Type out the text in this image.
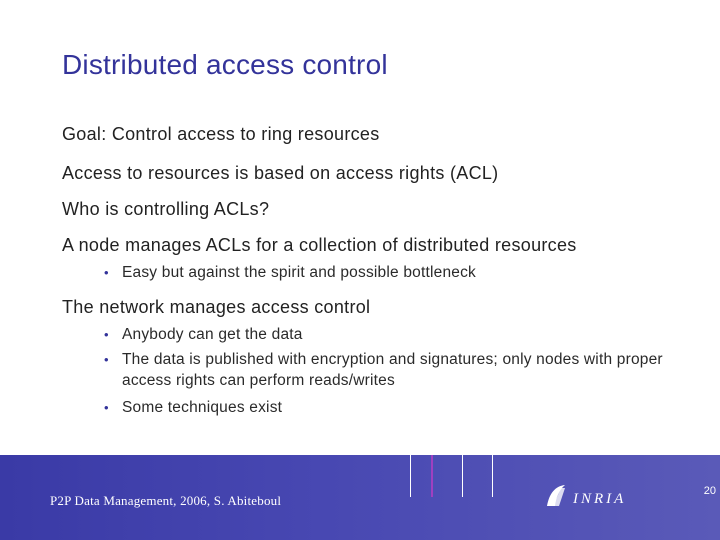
Distributed access control
Goal: Control access to ring resources
Access to resources is based on access rights (ACL)
Who is controlling ACLs?
A node manages ACLs for a collection of distributed resources
• Easy but against the spirit and possible bottleneck
The network manages access control
• Anybody can get the data
• The data is published with encryption and signatures; only nodes with proper access rights can perform reads/writes
• Some techniques exist
P2P Data Management, 2006, S. Abiteboul	INRIA	20
